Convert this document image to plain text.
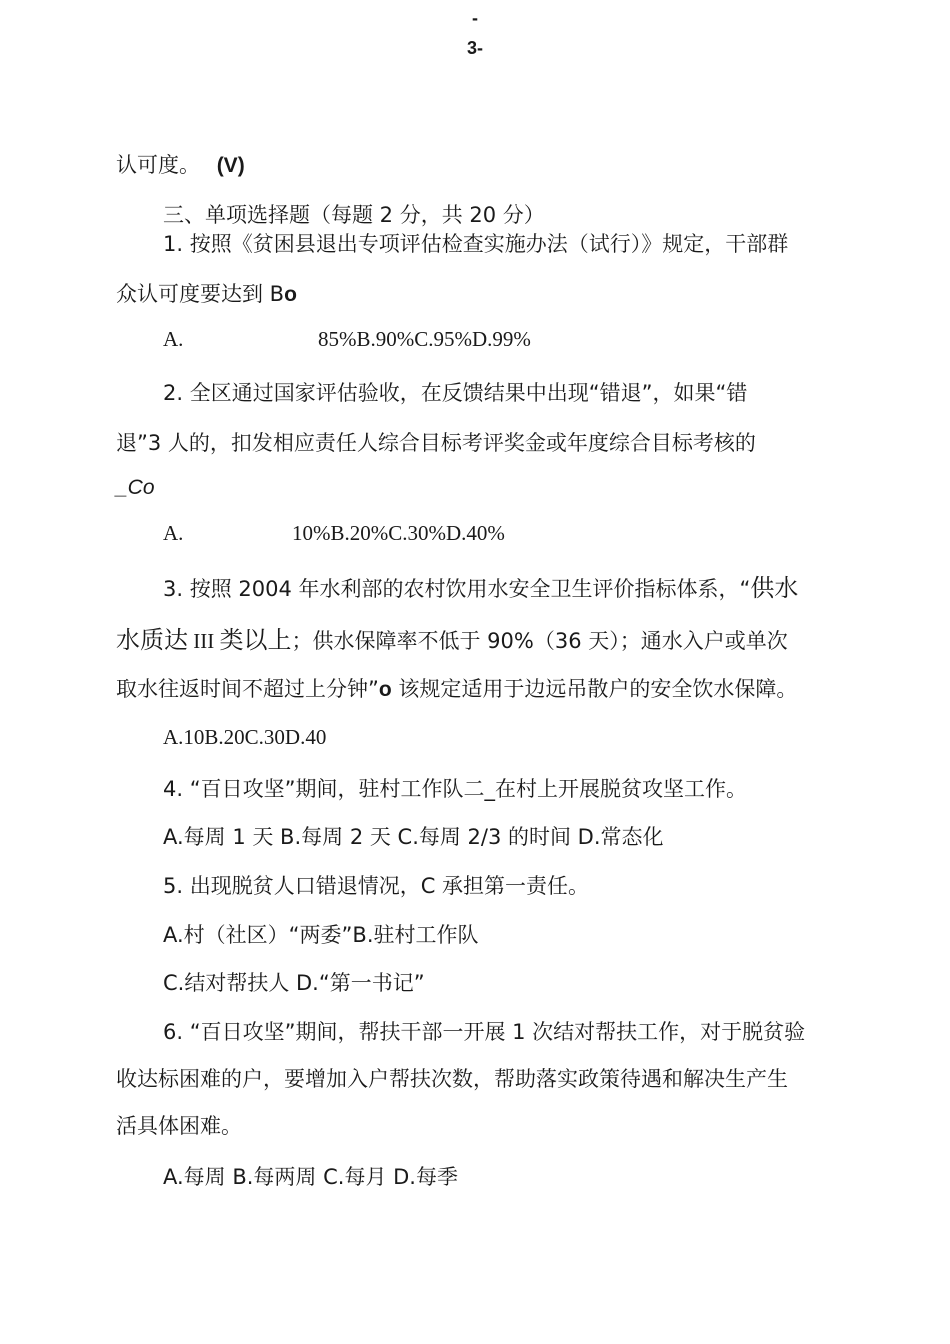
-
3-
认可度。 (V)
三、单项选择题（每题 2 分，共 20 分）
1. 按照《贫困县退出专项评估检查实施办法（试行）》规定，干部群
众认可度要达到 Bo
A.	85%B.90%C.95%D.99%
2. 全区通过国家评估验收，在反馈结果中出现“错退”，如果“错
退”3 人的，扣发相应责任人综合目标考评奖金或年度综合目标考核的
_Co
A.	10%B.20%C.30%D.40%
3. 按照 2004 年水利部的农村饮用水安全卫生评价指标体系，“供水
水质达 III 类以上；供水保障率不低于 90%（36 天）；通水入户或单次
取水往返时间不超过上分钟”o 该规定适用于边远吊散户的安全饮水保障。
A.10B.20C.30D.40
4. “百日攻坚”期间，驻村工作队二_在村上开展脱贫攻坚工作。
A.每周 1 天 B.每周 2 天 C.每周 2/3 的时间 D.常态化
5. 出现脱贫人口错退情况，C 承担第一责任。
A.村（社区）“两委”B.驻村工作队
C.结对帮扶人 D.“第一书记”
6. “百日攻坚”期间，帮扶干部一开展 1 次结对帮扶工作，对于脱贫验
收达标困难的户，要增加入户帮扶次数，帮助落实政策待遇和解决生产生
活具体困难。
A.每周 B.每两周 C.每月 D.每季
